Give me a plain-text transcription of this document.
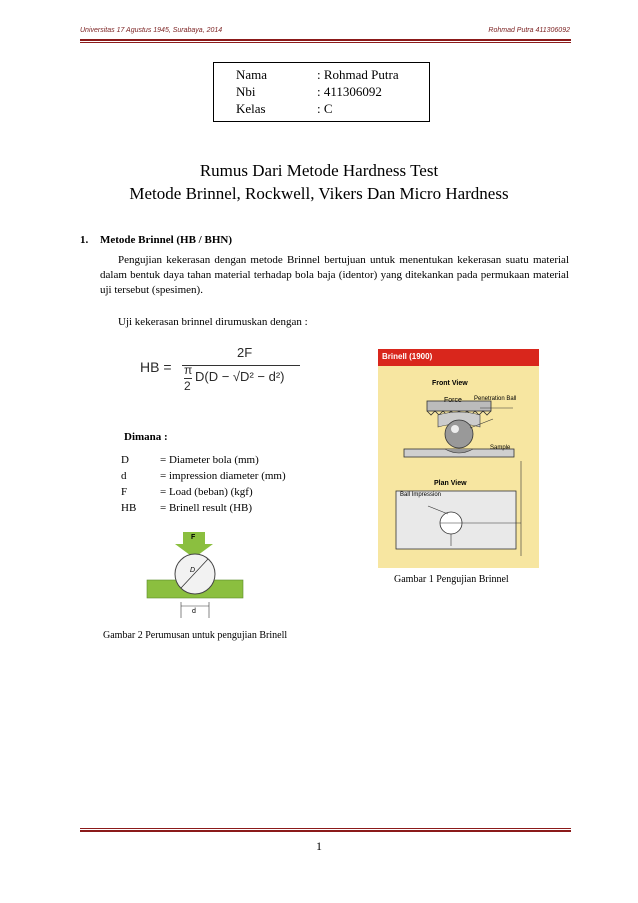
Universitas 17 Agustus 1945, Surabaya, 2014	Rohmad Putra 411306092
Nama	: Rohmad Putra
Nbi	: 411306092
Kelas	: C
Rumus Dari Metode Hardness Test
Metode Brinnel, Rockwell, Vikers Dan Micro Hardness
1. Metode Brinnel (HB / BHN)
Pengujian kekerasan dengan metode Brinnel bertujuan untuk menentukan kekerasan suatu material dalam bentuk daya tahan material terhadap bola baja (identor) yang ditekankan pada permukaan material uji tersebut (spesimen).
Uji kekerasan brinnel dirumuskan dengan :
HB =
2F
π
2
D(D − √D² − d²)
Dimana :
D	= Diameter bola (mm)
d	= impression diameter (mm)
F	= Load (beban) (kgf)
HB = Brinell result (HB)
Brinell (1900)
Front View
Force Penetration Ball
Sample
Plan View
Ball Impression
Gambar 1 Pengujian Brinnel
F
D
d
Gambar 2 Perumusan untuk pengujian Brinell
1
